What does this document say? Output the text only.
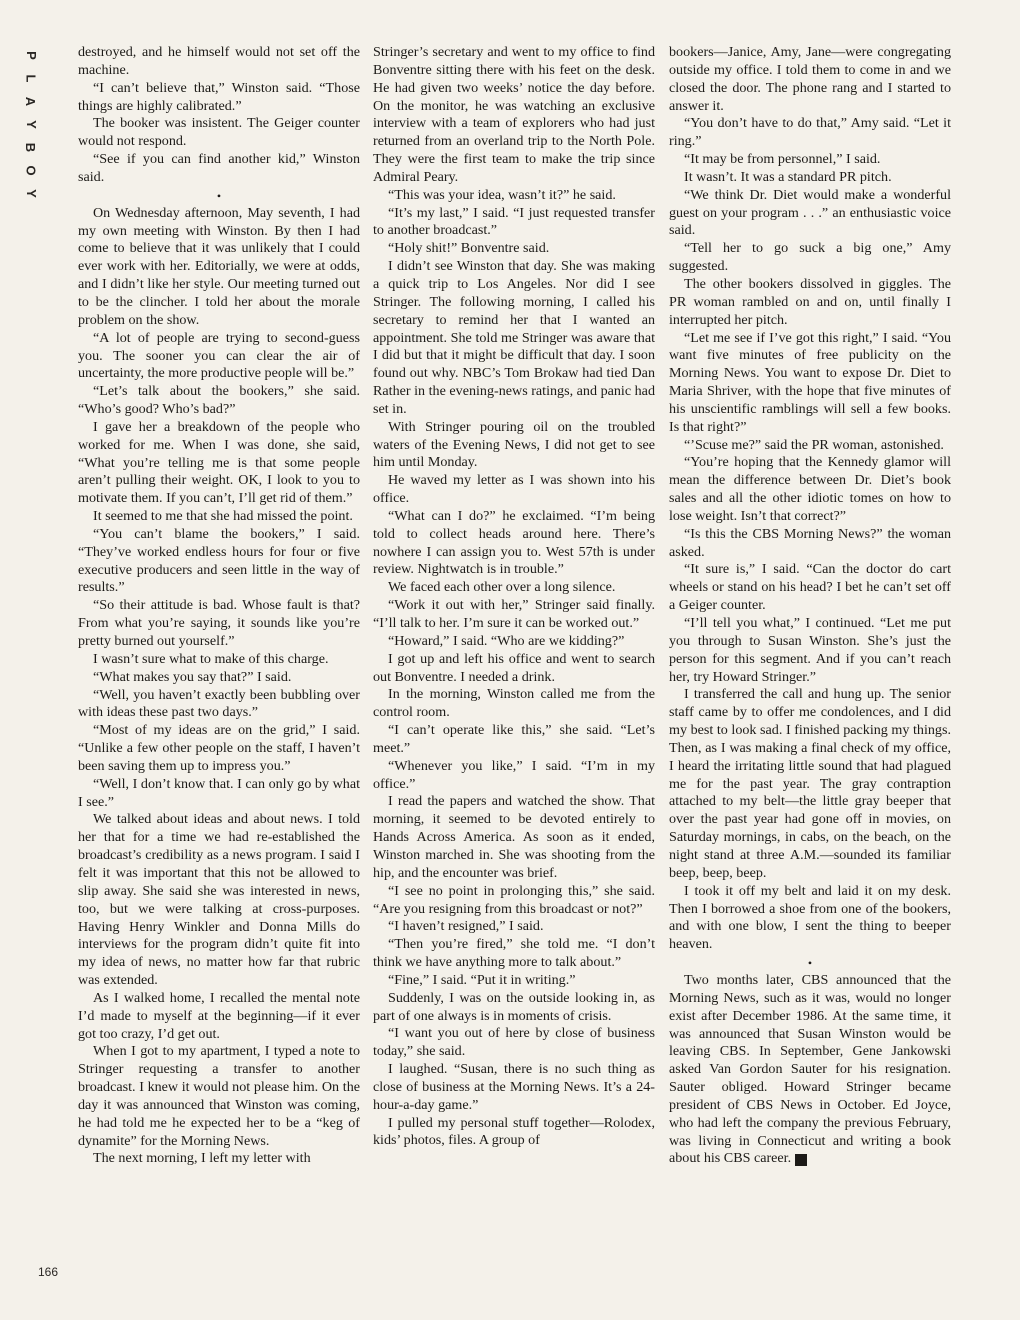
P
L
A
Y
B
O
Y

destroyed, and he himself would not set off the machine.

“I can’t believe that,” Winston said. “Those things are highly calibrated.”

The booker was insistent. The Geiger counter would not respond.

“See if you can find another kid,” Winston said.

•

On Wednesday afternoon, May seventh, I had my own meeting with Winston. By then I had come to believe that it was unlikely that I could ever work with her. Editorially, we were at odds, and I didn’t like her style. Our meeting turned out to be the clincher. I told her about the morale problem on the show.

“A lot of people are trying to second-guess you. The sooner you can clear the air of uncertainty, the more productive people will be.”

“Let’s talk about the bookers,” she said. “Who’s good? Who’s bad?”

I gave her a breakdown of the people who worked for me. When I was done, she said, “What you’re telling me is that some people aren’t pulling their weight. OK, I look to you to motivate them. If you can’t, I’ll get rid of them.”

It seemed to me that she had missed the point.

“You can’t blame the bookers,” I said. “They’ve worked endless hours for four or five executive producers and seen little in the way of results.”

“So their attitude is bad. Whose fault is that? From what you’re saying, it sounds like you’re pretty burned out yourself.”

I wasn’t sure what to make of this charge.

“What makes you say that?” I said.

“Well, you haven’t exactly been bubbling over with ideas these past two days.”

“Most of my ideas are on the grid,” I said. “Unlike a few other people on the staff, I haven’t been saving them up to impress you.”

“Well, I don’t know that. I can only go by what I see.”

We talked about ideas and about news. I told her that for a time we had re-established the broadcast’s credibility as a news program. I said I felt it was important that this not be allowed to slip away. She said she was interested in news, too, but we were talking at cross-purposes. Having Henry Winkler and Donna Mills do interviews for the program didn’t quite fit into my idea of news, no matter how far that rubric was extended.

As I walked home, I recalled the mental note I’d made to myself at the beginning—if it ever got too crazy, I’d get out.

When I got to my apartment, I typed a note to Stringer requesting a transfer to another broadcast. I knew it would not please him. On the day it was announced that Winston was coming, he had told me he expected her to be a “keg of dynamite” for the Morning News.

The next morning, I left my letter with

Stringer’s secretary and went to my office to find Bonventre sitting there with his feet on the desk. He had given two weeks’ notice the day before. On the monitor, he was watching an exclusive interview with a team of explorers who had just returned from an overland trip to the North Pole. They were the first team to make the trip since Admiral Peary.

“This was your idea, wasn’t it?” he said.

“It’s my last,” I said. “I just requested transfer to another broadcast.”

“Holy shit!” Bonventre said.

I didn’t see Winston that day. She was making a quick trip to Los Angeles. Nor did I see Stringer. The following morning, I called his secretary to remind her that I wanted an appointment. She told me Stringer was aware that I did but that it might be difficult that day. I soon found out why. NBC’s Tom Brokaw had tied Dan Rather in the evening-news ratings, and panic had set in.

With Stringer pouring oil on the troubled waters of the Evening News, I did not get to see him until Monday.

He waved my letter as I was shown into his office.

“What can I do?” he exclaimed. “I’m being told to collect heads around here. There’s nowhere I can assign you to. West 57th is under review. Nightwatch is in trouble.”

We faced each other over a long silence.

“Work it out with her,” Stringer said finally. “I’ll talk to her. I’m sure it can be worked out.”

“Howard,” I said. “Who are we kidding?”

I got up and left his office and went to search out Bonventre. I needed a drink.

In the morning, Winston called me from the control room.

“I can’t operate like this,” she said. “Let’s meet.”

“Whenever you like,” I said. “I’m in my office.”

I read the papers and watched the show. That morning, it seemed to be devoted entirely to Hands Across America. As soon as it ended, Winston marched in. She was shooting from the hip, and the encounter was brief.

“I see no point in prolonging this,” she said. “Are you resigning from this broadcast or not?”

“I haven’t resigned,” I said.

“Then you’re fired,” she told me. “I don’t think we have anything more to talk about.”

“Fine,” I said. “Put it in writing.”

Suddenly, I was on the outside looking in, as part of one always is in moments of crisis.

“I want you out of here by close of business today,” she said.

I laughed. “Susan, there is no such thing as close of business at the Morning News. It’s a 24-hour-a-day game.”

I pulled my personal stuff together—Rolodex, kids’ photos, files. A group of

bookers—Janice, Amy, Jane—were congregating outside my office. I told them to come in and we closed the door. The phone rang and I started to answer it.

“You don’t have to do that,” Amy said. “Let it ring.”

“It may be from personnel,” I said.

It wasn’t. It was a standard PR pitch.

“We think Dr. Diet would make a wonderful guest on your program . . .” an enthusiastic voice said.

“Tell her to go suck a big one,” Amy suggested.

The other bookers dissolved in giggles. The PR woman rambled on and on, until finally I interrupted her pitch.

“Let me see if I’ve got this right,” I said. “You want five minutes of free publicity on the Morning News. You want to expose Dr. Diet to Maria Shriver, with the hope that five minutes of his unscientific ramblings will sell a few books. Is that right?”

“’Scuse me?” said the PR woman, astonished.

“You’re hoping that the Kennedy glamor will mean the difference between Dr. Diet’s book sales and all the other idiotic tomes on how to lose weight. Isn’t that correct?”

“Is this the CBS Morning News?” the woman asked.

“It sure is,” I said. “Can the doctor do cart wheels or stand on his head? I bet he can’t set off a Geiger counter.

“I’ll tell you what,” I continued. “Let me put you through to Susan Winston. She’s just the person for this segment. And if you can’t reach her, try Howard Stringer.”

I transferred the call and hung up. The senior staff came by to offer me condolences, and I did my best to look sad. I finished packing my things. Then, as I was making a final check of my office, I heard the irritating little sound that had plagued me for the past year. The gray contraption attached to my belt—the little gray beeper that over the past year had gone off in movies, on Saturday mornings, in cabs, on the beach, on the night stand at three A.M.—sounded its familiar beep, beep, beep.

I took it off my belt and laid it on my desk. Then I borrowed a shoe from one of the bookers, and with one blow, I sent the thing to beeper heaven.

•

Two months later, CBS announced that the Morning News, such as it was, would no longer exist after December 1986. At the same time, it was announced that Susan Winston would be leaving CBS. In September, Gene Jankowski asked Van Gordon Sauter for his resignation. Sauter obliged. Howard Stringer became president of CBS News in October. Ed Joyce, who had left the company the previous February, was living in Connecticut and writing a book about his CBS career. ♠

166
